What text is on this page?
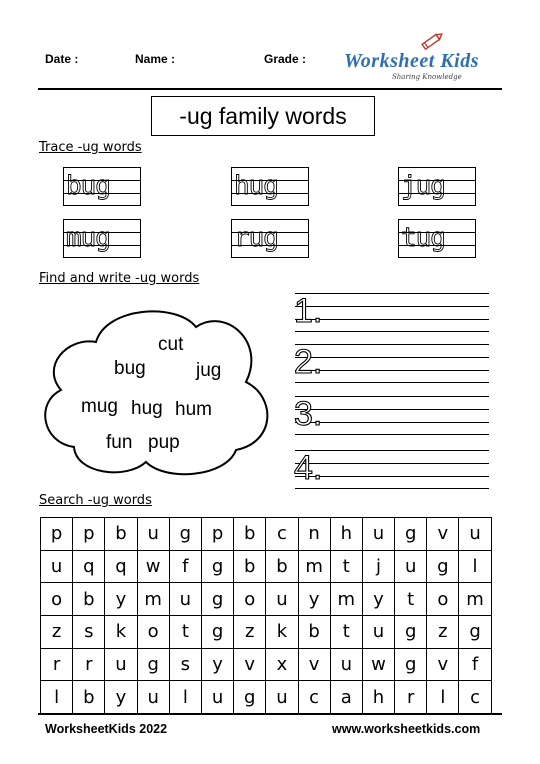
Date :	Name :	Grade : Worksheet Kids
Sharing Knowledge
-ug family words
Trace -ug words
bug	hug	jug
mug	rug	tug
Find and write -ug words
cut
bug	jug
mug hug hum
fun pup
1.
2.
3.
4.
Search -ug words
p	p	b	u	g	p	b	c	n	h	u	g	v	u
u	q	q	w	f	g	b	b	m	t	j	u	g	l
o	b	y	m	u	g	o	u	y	m	y	t	o	m
z	s	k	o	t	g	z	k	b	t	u	g	z	g
r	r	u	g	s	y	v	x	v	u	w	g	v	f
l	b	y	u	l	u	g	u	c	a	h	r	l	c
WorksheetKids 2022	www.worksheetkids.com
